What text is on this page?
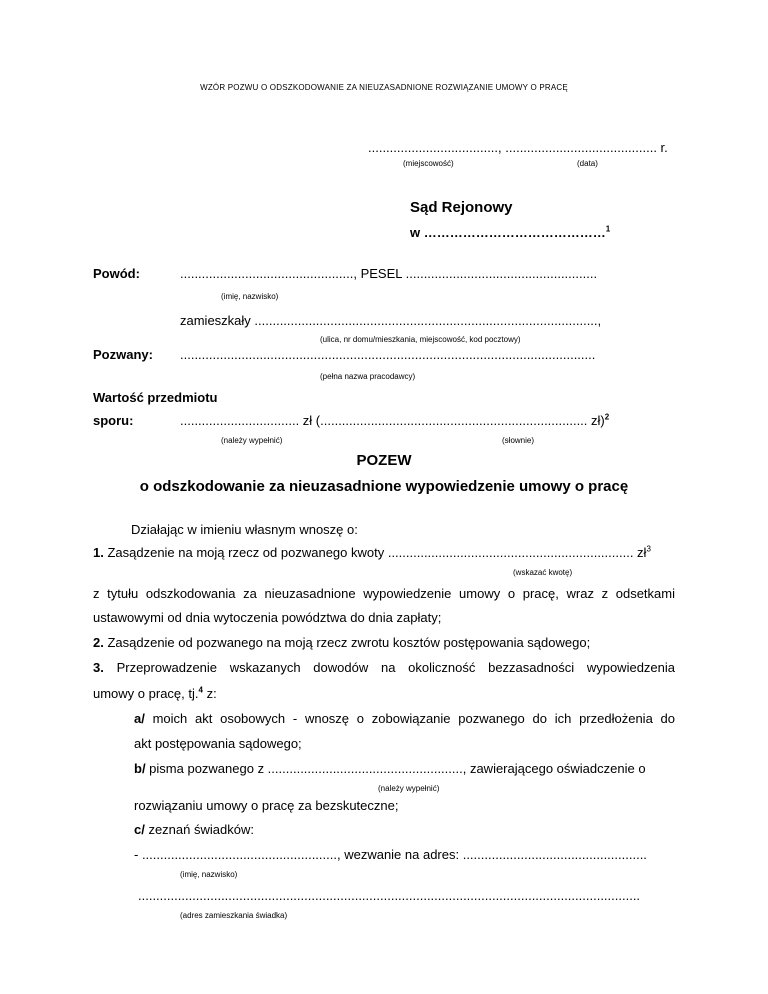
WZÓR POZWU O ODSZKODOWANIE ZA NIEUZASADNIONE ROZWIĄZANIE UMOWY O PRACĘ
...................................., .......................................... r.
(miejscowość)	(data)
Sąd Rejonowy
w ……………………………………$^1$
Powód:	................................................, PESEL .....................................................
(imię, nazwisko)
zamieszkały ...............................................................................................,
(ulica, nr domu/mieszkania, miejscowość, kod pocztowy)
Pozwany: ...................................................................................................................
(pełna nazwa pracodawcy)
Wartość przedmiotu
sporu:	................................. zł (.......................................................................... zł)$^2$
(należy wypełnić)	(słownie)
POZEW
o odszkodowanie za nieuzasadnione wypowiedzenie umowy o pracę
Działając w imieniu własnym wnoszę o:
1. Zasądzenie na moją rzecz od pozwanego kwoty .................................................................... $zł^3$
(wskazać kwotę)
z tytułu odszkodowania za nieuzasadnione wypowiedzenie umowy o pracę, wraz z odsetkami
ustawowymi od dnia wytoczenia powództwa do dnia zapłaty;
2. Zasądzenie od pozwanego na moją rzecz zwrotu kosztów postępowania sądowego;
3. Przeprowadzenie wskazanych dowodów na okoliczność bezzasadności wypowiedzenia
umowy o pracę, tj.$^4$ z:
a/ moich akt osobowych - wnoszę o zobowiązanie pozwanego do ich przedłożenia do
akt postępowania sądowego;
b/ pisma pozwanego z ......................................................, zawierającego oświadczenie o
(należy wypełnić)
rozwiązaniu umowy o pracę za bezskuteczne;
c/ zeznań świadków:
- ......................................................, wezwanie na adres: ...................................................
(imię, nazwisko)
...........................................................................................................................................
(adres zamieszkania świadka)
